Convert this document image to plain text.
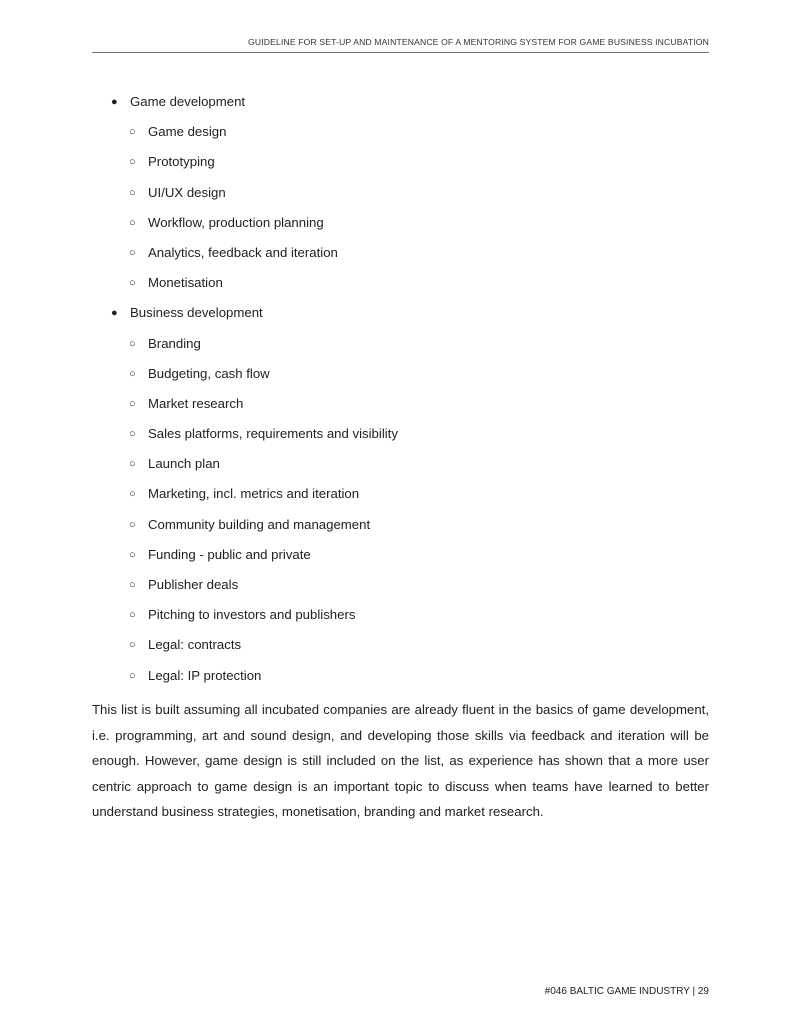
GUIDELINE FOR SET-UP AND MAINTENANCE OF A MENTORING SYSTEM FOR GAME BUSINESS INCUBATION
● Game development
○ Game design
○ Prototyping
○ UI/UX design
○ Workflow, production planning
○ Analytics, feedback and iteration
○ Monetisation
● Business development
○ Branding
○ Budgeting, cash flow
○ Market research
○ Sales platforms, requirements and visibility
○ Launch plan
○ Marketing, incl. metrics and iteration
○ Community building and management
○ Funding - public and private
○ Publisher deals
○ Pitching to investors and publishers
○ Legal: contracts
○ Legal: IP protection

This list is built assuming all incubated companies are already fluent in the basics of game development, i.e. programming, art and sound design, and developing those skills via feedback and iteration will be enough. However, game design is still included on the list, as experience has shown that a more user centric approach to game design is an important topic to discuss when teams have learned to better understand business strategies, monetisation, branding and market research.

#046 BALTIC GAME INDUSTRY | 29
